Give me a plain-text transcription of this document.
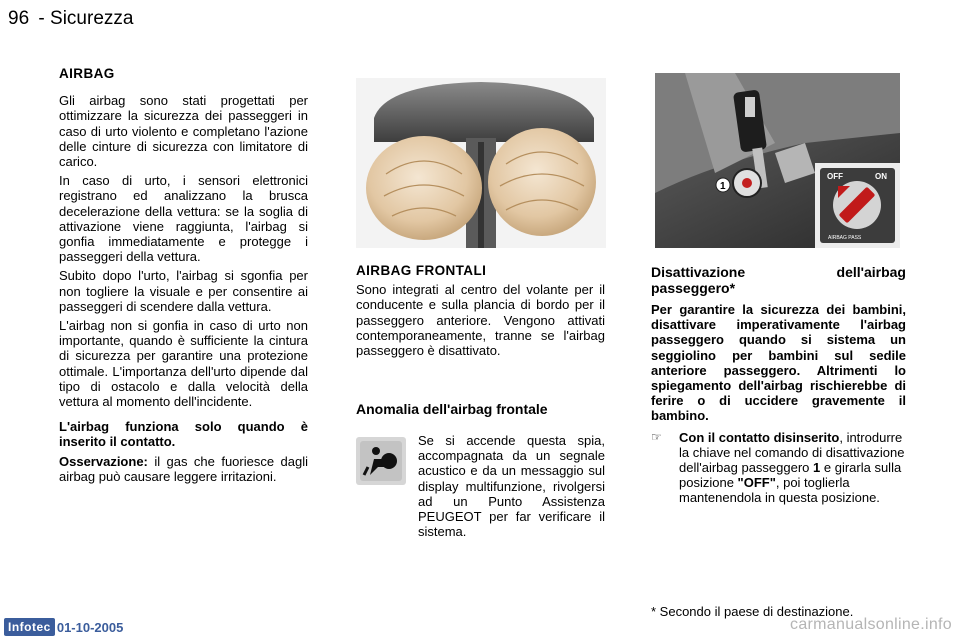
96 - Sicurezza
AIRBAG

Gli airbag sono stati progettati per ottimizzare la sicurezza dei passeggeri in caso di urto violento e completano l'azione delle cinture di sicurezza con limitatore di carico.

In caso di urto, i sensori elettronici registrano ed analizzano la brusca decelerazione della vettura: se la soglia di attivazione viene raggiunta, l'airbag si gonfia immediatamente e protegge i passeggeri della vettura.

Subito dopo l'urto, l'airbag si sgonfia per non togliere la visuale e per consentire ai passeggeri di scendere dalla vettura.

L'airbag non si gonfia in caso di urto non importante, quando è sufficiente la cintura di sicurezza per garantire una protezione ottimale. L'importanza dell'urto dipende dal tipo di ostacolo e dalla velocità della vettura al momento dell'incidente.

L'airbag funziona solo quando è inserito il contatto.

Osservazione: il gas che fuoriesce dagli airbag può causare leggere irritazioni.

AIRBAG FRONTALI

Sono integrati al centro del volante per il conducente e sulla plancia di bordo per il passeggero anteriore. Vengono attivati contemporaneamente, tranne se l'airbag passeggero è disattivato.

Anomalia dell'airbag frontale

Se si accende questa spia, accompagnata da un segnale acustico e da un messaggio sul display multifunzione, rivolgersi ad un Punto Assistenza PEUGEOT per far verificare il sistema.

1
OFF	ON
AIRBAG PASS
Disattivazione dell'airbag passeggero*

Per garantire la sicurezza dei bambini, disattivare imperativamente l'airbag passeggero quando si sistema un seggiolino per bambini sul sedile anteriore passeggero. Altrimenti lo spiegamento dell'airbag rischierebbe di ferire o di uccidere gravemente il bambino.

☞	Con il contatto disinserito, introdurre la chiave nel comando di disattivazione dell'airbag passeggero 1 e girarla sulla posizione "OFF", poi toglierla mantenendola in questa posizione.

* Secondo il paese di destinazione.
Infotec 01-10-2005	carmanualsonline.info
